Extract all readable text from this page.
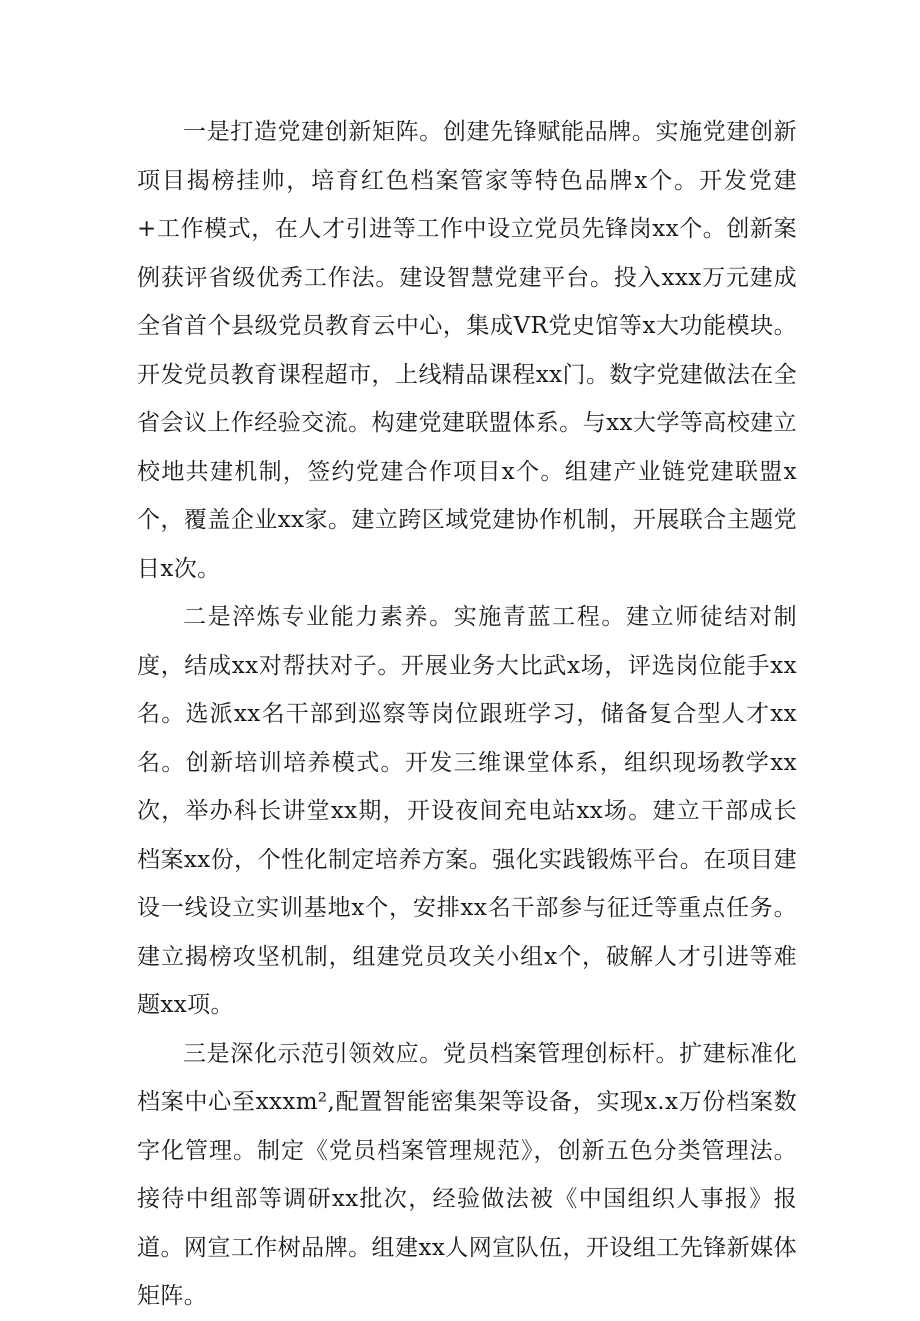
一是打造党建创新矩阵。创建先锋赋能品牌。实施党建创新项目揭榜挂帅，培育红色档案管家等特色品牌x个。开发党建+工作模式，在人才引进等工作中设立党员先锋岗xx个。创新案例获评省级优秀工作法。建设智慧党建平台。投入xxx万元建成全省首个县级党员教育云中心，集成VR党史馆等x大功能模块。开发党员教育课程超市，上线精品课程xx门。数字党建做法在全省会议上作经验交流。构建党建联盟体系。与xx大学等高校建立校地共建机制，签约党建合作项目x个。组建产业链党建联盟x个，覆盖企业xx家。建立跨区域党建协作机制，开展联合主题党日x次。

二是淬炼专业能力素养。实施青蓝工程。建立师徒结对制度，结成xx对帮扶对子。开展业务大比武x场，评选岗位能手xx名。选派xx名干部到巡察等岗位跟班学习，储备复合型人才xx名。创新培训培养模式。开发三维课堂体系，组织现场教学xx次，举办科长讲堂xx期，开设夜间充电站xx场。建立干部成长档案xx份，个性化制定培养方案。强化实践锻炼平台。在项目建设一线设立实训基地x个，安排xx名干部参与征迁等重点任务。建立揭榜攻坚机制，组建党员攻关小组x个，破解人才引进等难题xx项。

三是深化示范引领效应。党员档案管理创标杆。扩建标准化档案中心至xxxm²,配置智能密集架等设备，实现x.x万份档案数字化管理。制定《党员档案管理规范》，创新五色分类管理法。接待中组部等调研xx批次，经验做法被《中国组织人事报》报道。网宣工作树品牌。组建xx人网宣队伍，开设组工先锋新媒体矩阵。
